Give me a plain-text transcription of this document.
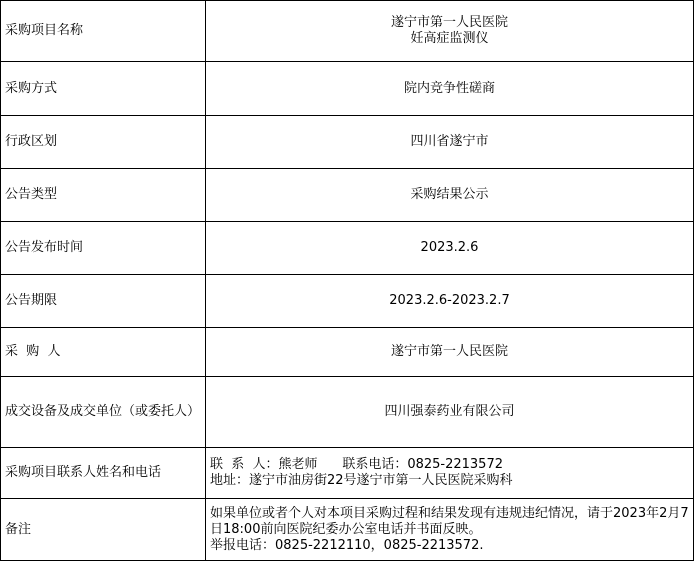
采购项目名称	遂宁市第一人民医院
妊高症监测仪

采购方式	院内竞争性磋商
行政区划	四川省遂宁市
公告类型	采购结果公示
公告发布时间	2023.2.6
公告期限	2023.2.6-2023.2.7
采  购  人	遂宁市第一人民医院
成交设备及成交单位（或委托人）	四川强泰药业有限公司
采购项目联系人姓名和电话	联  系  人：熊老师      联系电话：0825-2213572
地址：遂宁市油房街22号遂宁市第一人民医院采购科

备注	如果单位或者个人对本项目采购过程和结果发现有违规违纪情况，请于2023年2月7日18:00前向医院纪委办公室电话并书面反映。
举报电话：0825-2212110，0825-2213572.
